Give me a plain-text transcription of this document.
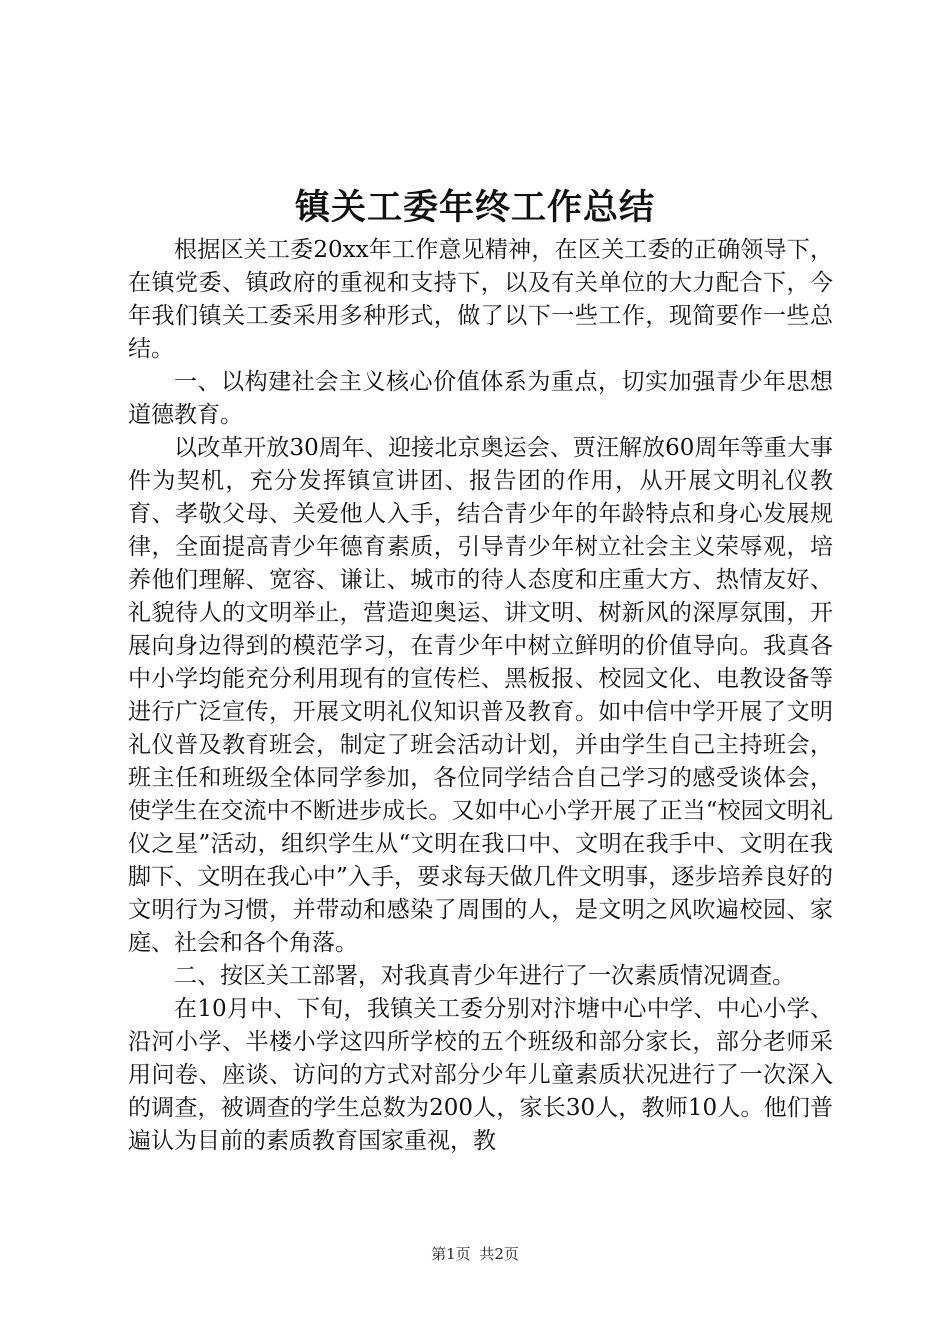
镇关工委年终工作总结

根据区关工委20xx年工作意见精神，在区关工委的正确领导下，在镇党委、镇政府的重视和支持下，以及有关单位的大力配合下，今年我们镇关工委采用多种形式，做了以下一些工作，现简要作一些总结。

一、以构建社会主义核心价值体系为重点，切实加强青少年思想道德教育。

以改革开放30周年、迎接北京奥运会、贾汪解放60周年等重大事件为契机，充分发挥镇宣讲团、报告团的作用，从开展文明礼仪教育、孝敬父母、关爱他人入手，结合青少年的年龄特点和身心发展规律，全面提高青少年德育素质，引导青少年树立社会主义荣辱观，培养他们理解、宽容、谦让、城市的待人态度和庄重大方、热情友好、礼貌待人的文明举止，营造迎奥运、讲文明、树新风的深厚氛围，开展向身边得到的模范学习，在青少年中树立鲜明的价值导向。我真各中小学均能充分利用现有的宣传栏、黑板报、校园文化、电教设备等进行广泛宣传，开展文明礼仪知识普及教育。如中信中学开展了文明礼仪普及教育班会，制定了班会活动计划，并由学生自己主持班会，班主任和班级全体同学参加，各位同学结合自己学习的感受谈体会，使学生在交流中不断进步成长。又如中心小学开展了正当“校园文明礼仪之星”活动，组织学生从“文明在我口中、文明在我手中、文明在我脚下、文明在我心中”入手，要求每天做几件文明事，逐步培养良好的文明行为习惯，并带动和感染了周围的人，是文明之风吹遍校园、家庭、社会和各个角落。

二、按区关工部署，对我真青少年进行了一次素质情况调查。

在10月中、下旬，我镇关工委分别对汴塘中心中学、中心小学、沿河小学、半楼小学这四所学校的五个班级和部分家长，部分老师采用问卷、座谈、访问的方式对部分少年儿童素质状况进行了一次深入的调查，被调查的学生总数为200人，家长30人，教师10人。他们普遍认为目前的素质教育国家重视，教

第1页 共2页
